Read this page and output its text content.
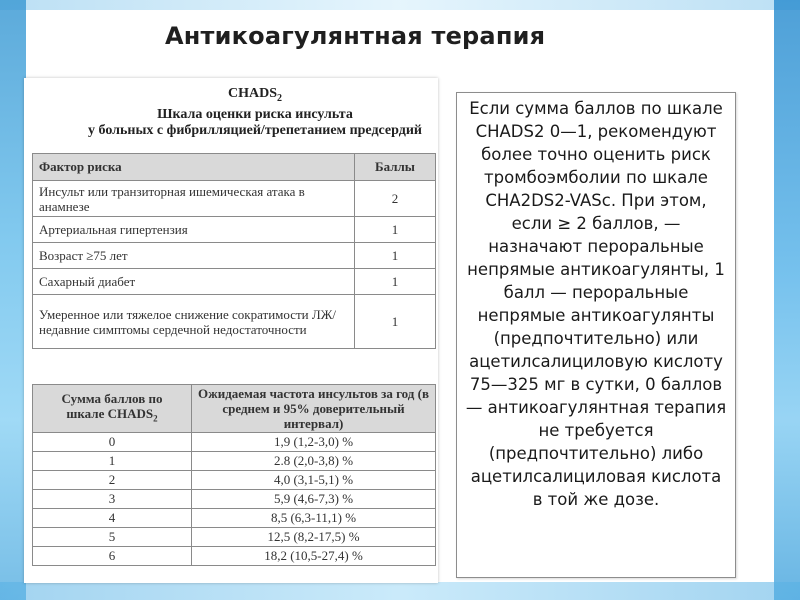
Антикоагулянтная терапия
$CHADS_2$
Шкала оценки риска инсульта
у больных с фибрилляцией/трепетанием предсердий
Фактор риска	Баллы
Инсульт или транзиторная ишемическая атака в анамнезе	2
Артериальная гипертензия	1
Возраст ≥75 лет	1
Сахарный диабет	1
Умеренное или тяжелое снижение сократимости ЛЖ/ недавние симптомы сердечной недостаточности	1
Сумма баллов по
шкале $CHADS_2$	Ожидаемая частота инсультов за год (в среднем и 95% доверительный интервал)
0	1,9 (1,2-3,0) %
1	2.8 (2,0-3,8) %
2	4,0 (3,1-5,1) %
3	5,9 (4,6-7,3) %
4	8,5 (6,3-11,1) %
5	12,5 (8,2-17,5) %
6	18,2 (10,5-27,4) %

Если сумма баллов по шкале CHADS2 0—1, рекомендуют более точно оценить риск тромбоэмболии по шкале CHA2DS2-VASc. При этом, если ≥ 2 баллов, — назначают пероральные непрямые антикоагулянты, 1 балл — пероральные непрямые антикоагулянты (предпочтительно) или ацетилсалициловую кислоту 75—325 мг в сутки, 0 баллов — антикоагулянтная терапия не требуется (предпочтительно) либо ацетилсалициловая кислота в той же дозе.
